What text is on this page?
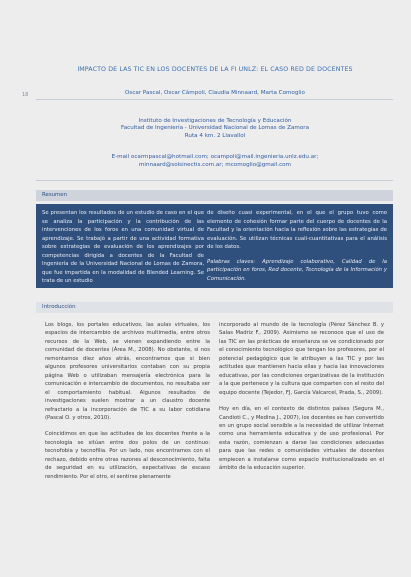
IMPACTO DE LAS TIC EN LOS DOCENTES DE LA FI UNLZ: EL CASO RED DE DOCENTES
18	Oscar Pascal, Oscar Cámpoli, Claudia Minnaard, Marta Comoglio
Instituto de Investigaciones de Tecnología y Educación
Facultad de Ingeniería - Universidad Nacional de Lomas de Zamora
Ruta 4 km. 2 Llavallol
E-mail ocarmpascal@hotmail.com; ocampoli@mail.ingenieria.unlz.edu.ar;
minnaard@solsinectis.com.ar; mcomoglio@gmail.com
Resumen
Se presentan los resultados de un estudio de caso en el que se analiza la participación y la contribución de las intervenciones de los foros en una comunidad virtual de aprendizaje. Se trabajó a partir de una actividad formativa sobre estrategias de evaluación de los aprendizajes por competencias dirigida a docentes de la Facultad de Ingeniería de la Universidad Nacional de Lomas de Zamora, que fue impartida en la modalidad de Blended Learning. Se trata de un estudio
de diseño cuasi experimental, en el que el grupo tuvo como elemento de cohesión formar parte del cuerpo de docentes de la Facultad y la orientación hacia la reflexión sobre las estrategias de evaluación. Se utilizan técnicas cuali-cuantitativas para el análisis de los datos.
Palabras claves: Aprendizaje colaborativo, Calidad de la participación en foros, Red docente, Tecnología de la Información y Comunicación.
Introducción
Los blogs, los portales educativos, las aulas virtuales, los espacios de intercambio de archivos multimedia, entre otros recursos de la Web, se vienen expandiendo entre la comunidad de docentes (Área M., 2008). No obstante, si nos remontamos diez años atrás, encontramos que si bien algunos profesores universitarios contaban con su propia página Web o utilizaban mensajería electrónica para la comunicación e intercambio de documentos, no resultaba ser el comportamiento habitual. Algunos resultados de investigaciones suelen mostrar a un claustro docente refractario a la incorporación de TIC a su labor cotidiana (Pascal O. y otros, 2010).
Coincidimos en que las actitudes de los docentes frente a la tecnología se sitúan entre dos polos de un continuo: tecnofobia y tecnofilia. Por un lado, nos encontramos con el rechazo, debido entre otras razones al desconocimiento, falta de seguridad en su utilización, expectativas de escaso rendimiento. Por el otro, el sentirse plenamente
incorporado al mundo de la tecnología (Pérez Sánchez B. y Salas Madriz F., 2009). Asimismo se reconoce que el uso de las TIC en las prácticas de enseñanza se ve condicionado por el conocimiento tecnológico que tengan los profesores, por el potencial pedagógico que le atribuyen a las TIC y por las actitudes que mantienen hacia ellas y hacia las innovaciones educativas, por las condiciones organizativas de la institución a la que pertenece y la cultura que comparten con el resto del equipo docente (Tejedor, FJ, García Valcarcel, Prada, S., 2009).
Hoy en día, en el contexto de distintos países (Segura M., Candioti C., y Medina J., 2007), los docentes se han convertido en un grupo social sensible a la necesidad de utilizar Internet como una herramienta educativa y de uso profesional. Por esta razón, comienzan a darse las condiciones adecuadas para que las redes o comunidades virtuales de docentes empiecen a instalarse como espacio institucionalizado en el ámbito de la educación superior.
